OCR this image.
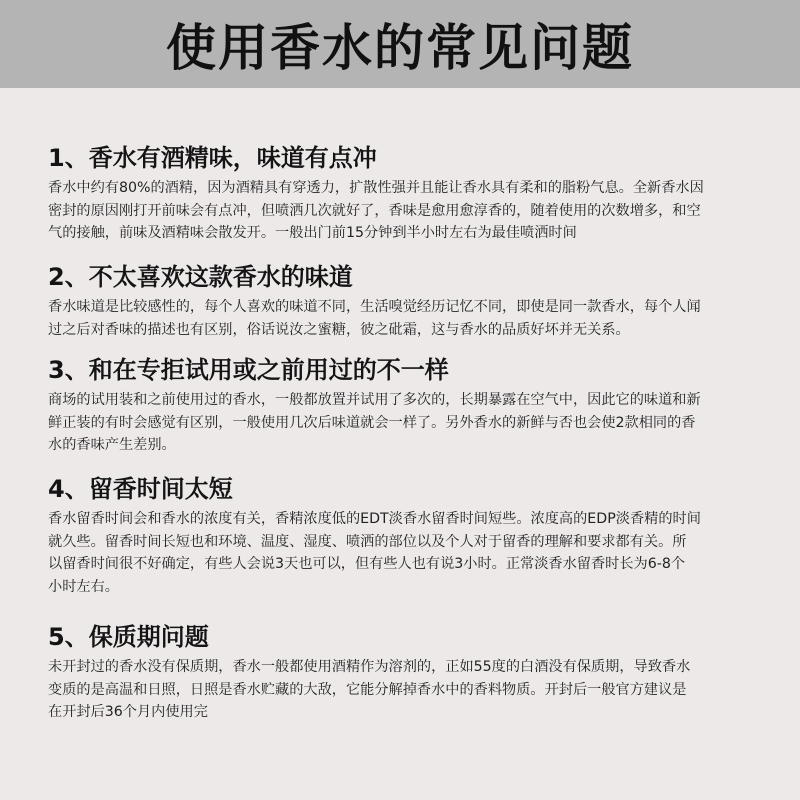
使用香水的常见问题
1、香水有酒精味，味道有点冲

香水中约有80%的酒精，因为酒精具有穿透力，扩散性强并且能让香水具有柔和的脂粉气息。全新香水因
密封的原因刚打开前味会有点冲，但喷洒几次就好了，香味是愈用愈淳香的，随着使用的次数增多，和空
气的接触，前味及酒精味会散发开。一般出门前15分钟到半小时左右为最佳喷洒时间

2、不太喜欢这款香水的味道

香水味道是比较感性的，每个人喜欢的味道不同，生活嗅觉经历记忆不同，即使是同一款香水，每个人闻
过之后对香味的描述也有区别，俗话说汝之蜜糖，彼之砒霜，这与香水的品质好坏并无关系。

3、和在专拒试用或之前用过的不一样

商场的试用装和之前使用过的香水，一般都放置并试用了多次的，长期暴露在空气中，因此它的味道和新
鲜正装的有时会感觉有区别，一般使用几次后味道就会一样了。另外香水的新鲜与否也会使2款相同的香
水的香味产生差别。

4、留香时间太短

香水留香时间会和香水的浓度有关，香精浓度低的EDT淡香水留香时间短些。浓度高的EDP淡香精的时间
就久些。留香时间长短也和环境、温度、湿度、喷洒的部位以及个人对于留香的理解和要求都有关。所
以留香时间很不好确定，有些人会说3天也可以，但有些人也有说3小时。正常淡香水留香时长为6-8个
小时左右。

5、保质期问题

未开封过的香水没有保质期，香水一般都使用酒精作为溶剂的，正如55度的白酒没有保质期，导致香水
变质的是高温和日照，日照是香水贮藏的大敌，它能分解掉香水中的香料物质。开封后一般官方建议是
在开封后36个月内使用完
